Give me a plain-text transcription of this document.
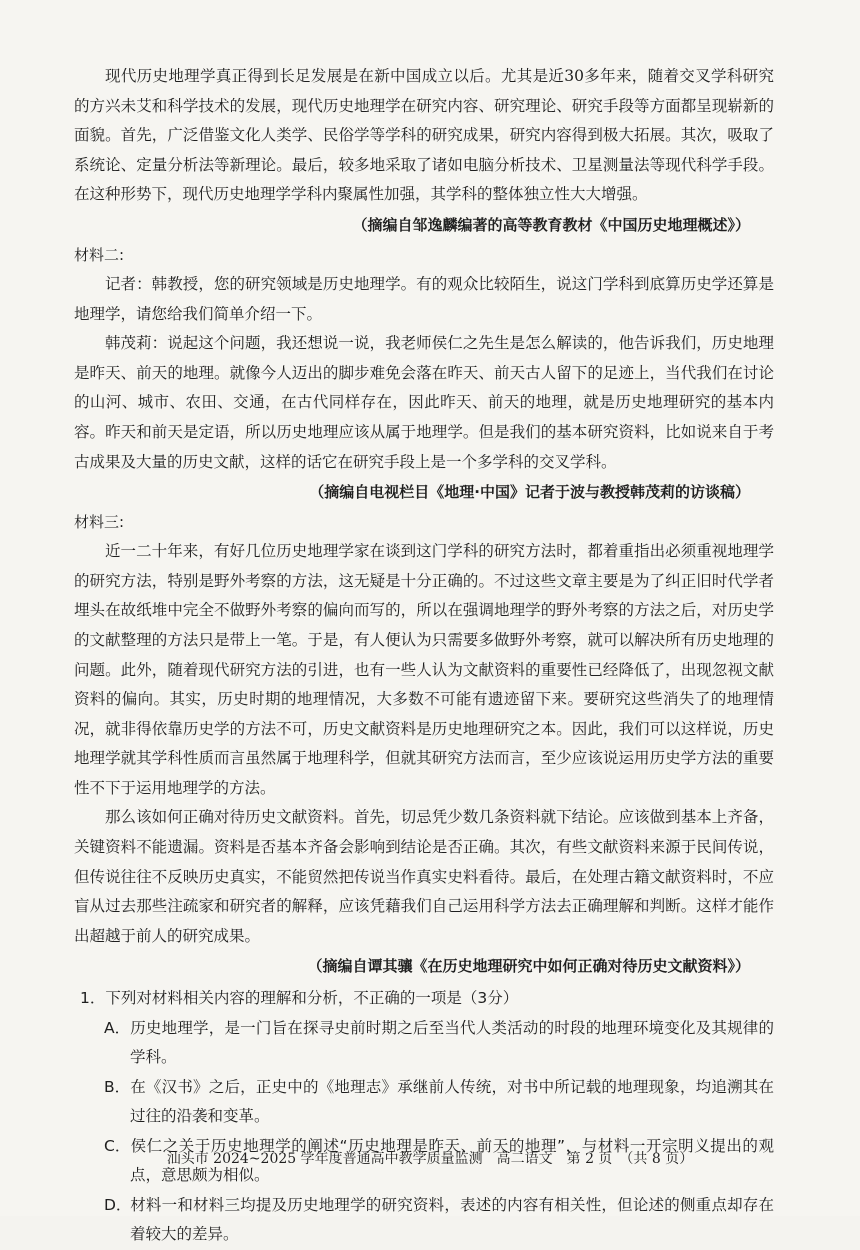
现代历史地理学真正得到长足发展是在新中国成立以后。尤其是近30多年来，随着交叉学科研究的方兴未艾和科学技术的发展，现代历史地理学在研究内容、研究理论、研究手段等方面都呈现崭新的面貌。首先，广泛借鉴文化人类学、民俗学等学科的研究成果，研究内容得到极大拓展。其次，吸取了系统论、定量分析法等新理论。最后，较多地采取了诸如电脑分析技术、卫星测量法等现代科学手段。在这种形势下，现代历史地理学学科内聚属性加强，其学科的整体独立性大大增强。

（摘编自邹逸麟编著的高等教育教材《中国历史地理概述》）
材料二:

记者：韩教授，您的研究领域是历史地理学。有的观众比较陌生，说这门学科到底算历史学还算是地理学，请您给我们简单介绍一下。

韩茂莉：说起这个问题，我还想说一说，我老师侯仁之先生是怎么解读的，他告诉我们，历史地理是昨天、前天的地理。就像今人迈出的脚步难免会落在昨天、前天古人留下的足迹上，当代我们在讨论的山河、城市、农田、交通，在古代同样存在，因此昨天、前天的地理，就是历史地理研究的基本内容。昨天和前天是定语，所以历史地理应该从属于地理学。但是我们的基本研究资料，比如说来自于考古成果及大量的历史文献，这样的话它在研究手段上是一个多学科的交叉学科。

（摘编自电视栏目《地理·中国》记者于波与教授韩茂莉的访谈稿）
材料三:

近一二十年来，有好几位历史地理学家在谈到这门学科的研究方法时，都着重指出必须重视地理学的研究方法，特别是野外考察的方法，这无疑是十分正确的。不过这些文章主要是为了纠正旧时代学者埋头在故纸堆中完全不做野外考察的偏向而写的，所以在强调地理学的野外考察的方法之后，对历史学的文献整理的方法只是带上一笔。于是，有人便认为只需要多做野外考察，就可以解决所有历史地理的问题。此外，随着现代研究方法的引进，也有一些人认为文献资料的重要性已经降低了，出现忽视文献资料的偏向。其实，历史时期的地理情况，大多数不可能有遗迹留下来。要研究这些消失了的地理情况，就非得依靠历史学的方法不可，历史文献资料是历史地理研究之本。因此，我们可以这样说，历史地理学就其学科性质而言虽然属于地理科学，但就其研究方法而言，至少应该说运用历史学方法的重要性不下于运用地理学的方法。

那么该如何正确对待历史文献资料。首先，切忌凭少数几条资料就下结论。应该做到基本上齐备，关键资料不能遗漏。资料是否基本齐备会影响到结论是否正确。其次，有些文献资料来源于民间传说，但传说往往不反映历史真实，不能贸然把传说当作真实史料看待。最后，在处理古籍文献资料时，不应盲从过去那些注疏家和研究者的解释，应该凭藉我们自己运用科学方法去正确理解和判断。这样才能作出超越于前人的研究成果。

（摘编自谭其骧《在历史地理研究中如何正确对待历史文献资料》）

1．下列对材料相关内容的理解和分析，不正确的一项是（3分）

A．历史地理学，是一门旨在探寻史前时期之后至当代人类活动的时段的地理环境变化及其规律的学科。

B．在《汉书》之后，正史中的《地理志》承继前人传统，对书中所记载的地理现象，均追溯其在过往的沿袭和变革。

C．侯仁之关于历史地理学的阐述“历史地理是昨天、前天的地理”，与材料一开宗明义提出的观点，意思颇为相似。

D．材料一和材料三均提及历史地理学的研究资料，表述的内容有相关性，但论述的侧重点却存在着较大的差异。

汕头市 2024~2025 学年度普通高中教学质量监测　高二语文　第 2 页　（共 8 页）
